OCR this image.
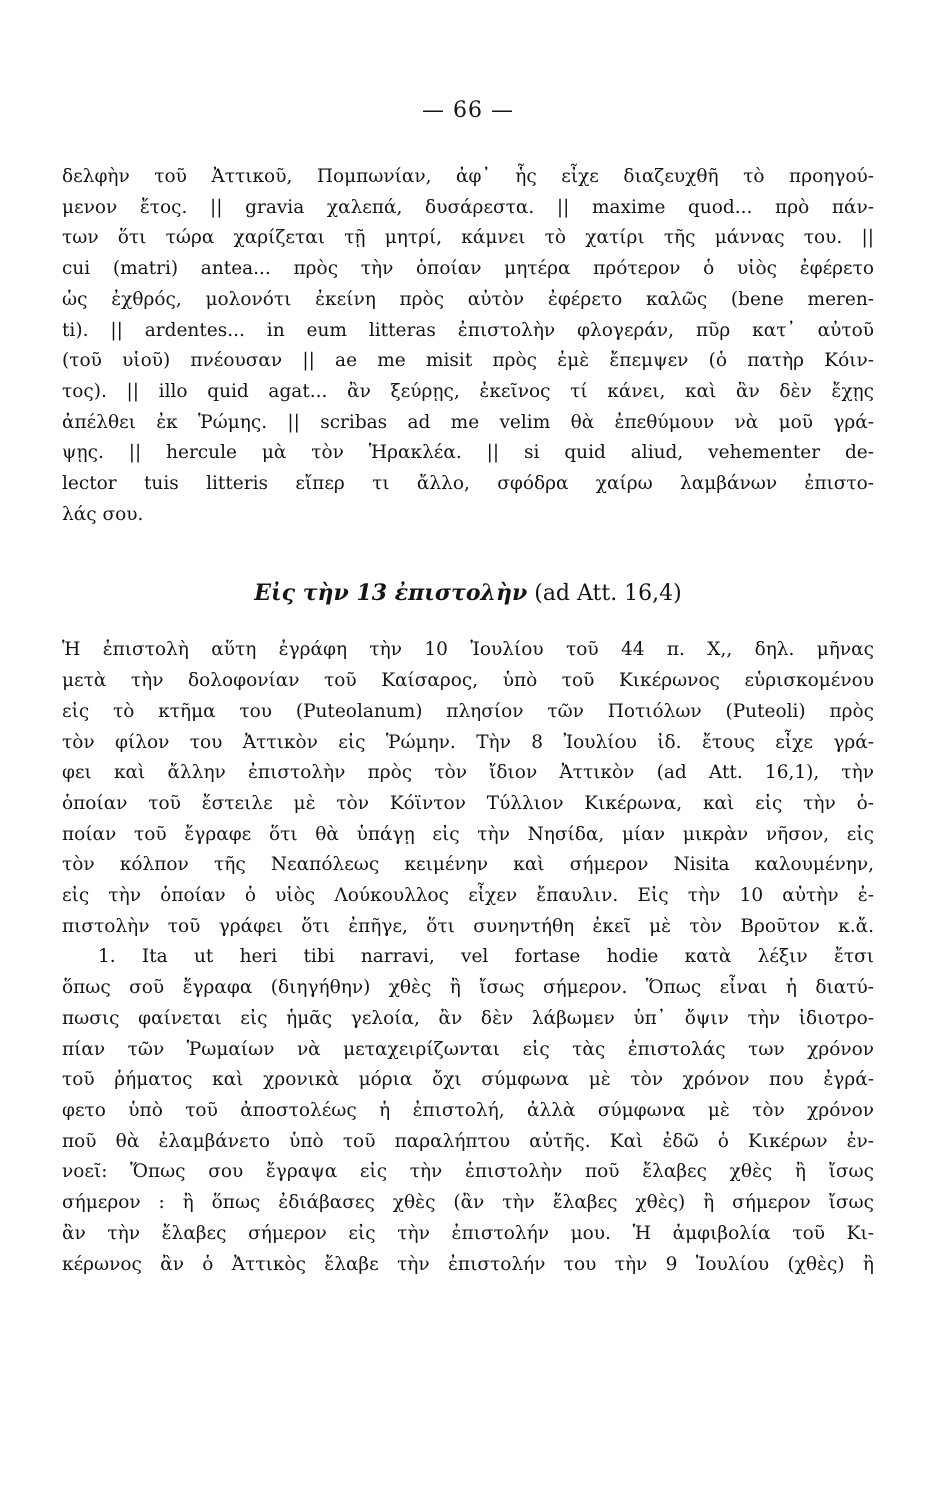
— 66 —
δελφὴν τοῦ Ἀττικοῦ, Πομπωνίαν, ἀφ᾽ ἧς εἶχε διαζευχθῆ τὸ προηγού-
μενον ἔτος. || gravia χαλεπά, δυσάρεστα. || maxime quod... πρὸ πάν-
των ὅτι τώρα χαρίζεται τῇ μητρί, κάμνει τὸ χατίρι τῆς μάννας του. ||
cui (matri) antea... πρὸς τὴν ὁποίαν μητέρα πρότερον ὁ υἱὸς ἐφέρετο
ὡς ἐχθρός, μολονότι ἐκείνη πρὸς αὐτὸν ἐφέρετο καλῶς (bene meren-
ti). || ardentes... in eum litteras ἐπιστολὴν φλογεράν, πῦρ κατ᾽ αὐτοῦ
(τοῦ υἱοῦ) πνέουσαν || ae me misit πρὸς ἐμὲ ἔπεμψεν (ὁ πατὴρ Κόιν-
τος). || illo quid agat... ἂν ξεύρῃς, ἐκεῖνος τί κάνει, καὶ ἂν δὲν ἔχῃς
ἀπέλθει ἐκ Ῥώμης. || scribas ad me velim θὰ ἐπεθύμουν νὰ μοῦ γρά-
ψῃς. || hercule μὰ τὸν Ἡρακλέα. || si quid aliud, vehementer de-
lector tuis litteris εἴπερ τι ἄλλο, σφόδρα χαίρω λαμβάνων ἐπιστο-
λάς σου.
Εἰς τὴν 13 ἐπιστολὴν (ad Att. 16,4)
Ἡ ἐπιστολὴ αὕτη ἐγράφη τὴν 10 Ἰουλίου τοῦ 44 π. Χ,, δηλ. μῆνας
μετὰ τὴν δολοφονίαν τοῦ Καίσαρος, ὑπὸ τοῦ Κικέρωνος εὑρισκομένου
εἰς τὸ κτῆμα του (Puteolanum) πλησίον τῶν Ποτιόλων (Puteoli) πρὸς
τὸν φίλον του Ἀττικὸν εἰς Ῥώμην. Τὴν 8 Ἰουλίου ἰδ. ἔτους εἶχε γρά-
φει καὶ ἄλλην ἐπιστολὴν πρὸς τὸν ἴδιον Ἀττικὸν (ad Att. 16,1), τὴν
ὁποίαν τοῦ ἔστειλε μὲ τὸν Κόϊντον Τύλλιον Κικέρωνα, καὶ εἰς τὴν ὁ-
ποίαν τοῦ ἔγραφε ὅτι θὰ ὑπάγῃ εἰς τὴν Νησίδα, μίαν μικρὰν νῆσον, εἰς
τὸν κόλπον τῆς Νεαπόλεως κειμένην καὶ σήμερον Nisita καλουμένην,
εἰς τὴν ὁποίαν ὁ υἱὸς Λούκουλλος εἶχεν ἔπαυλιν. Εἰς τὴν 10 αὐτὴν ἐ-
πιστολὴν τοῦ γράφει ὅτι ἐπῆγε, ὅτι συνηντήθη ἐκεῖ μὲ τὸν Βροῦτον κ.ἄ.
1. Ita ut heri tibi narravi, vel fortase hodie κατὰ λέξιν ἔτσι
ὅπως σοῦ ἔγραφα (διηγήθην) χθὲς ἢ ἴσως σήμερον. Ὅπως εἶναι ἡ διατύ-
πωσις φαίνεται εἰς ἡμᾶς γελοία, ἂν δὲν λάβωμεν ὑπ᾽ ὄψιν τὴν ἰδιοτρο-
πίαν τῶν Ῥωμαίων νὰ μεταχειρίζωνται εἰς τὰς ἐπιστολάς των χρόνον
τοῦ ῥήματος καὶ χρονικὰ μόρια ὄχι σύμφωνα μὲ τὸν χρόνον που ἐγρά-
φετο ὑπὸ τοῦ ἀποστολέως ἡ ἐπιστολή, ἀλλὰ σύμφωνα μὲ τὸν χρόνον
ποῦ θὰ ἐλαμβάνετο ὑπὸ τοῦ παραλήπτου αὐτῆς. Καὶ ἐδῶ ὁ Κικέρων ἐν-
νοεῖ: Ὅπως σου ἔγραψα εἰς τὴν ἐπιστολὴν ποῦ ἔλαβες χθὲς ἢ ἴσως
σήμερον : ἢ ὅπως ἐδιάβασες χθὲς (ἂν τὴν ἔλαβες χθὲς) ἢ σήμερον ἴσως
ἂν τὴν ἔλαβες σήμερον εἰς τὴν ἐπιστολήν μου. Ἡ ἀμφιβολία τοῦ Κι-
κέρωνος ἂν ὁ Ἀττικὸς ἔλαβε τὴν ἐπιστολήν του τὴν 9 Ἰουλίου (χθὲς) ἢ
